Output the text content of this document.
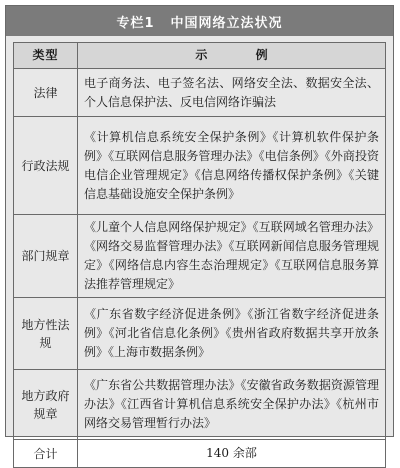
专栏1 中国网络立法状况
类型	示 例
法律	电子商务法、电子签名法、网络安全法、数据安全法、个人信息保护法、反电信网络诈骗法
行政法规	《计算机信息系统安全保护条例》《计算机软件保护条例》《互联网信息服务管理办法》《电信条例》《外商投资电信企业管理规定》《信息网络传播权保护条例》《关键信息基础设施安全保护条例》
部门规章	《儿童个人信息网络保护规定》《互联网域名管理办法》《网络交易监督管理办法》《互联网新闻信息服务管理规定》《网络信息内容生态治理规定》《互联网信息服务算法推荐管理规定》
地方性法规	《广东省数字经济促进条例》《浙江省数字经济促进条例》《河北省信息化条例》《贵州省政府数据共享开放条例》《上海市数据条例》
地方政府规章	《广东省公共数据管理办法》《安徽省政务数据资源管理办法》《江西省计算机信息系统安全保护办法》《杭州市网络交易管理暂行办法》
合计	140 余部
